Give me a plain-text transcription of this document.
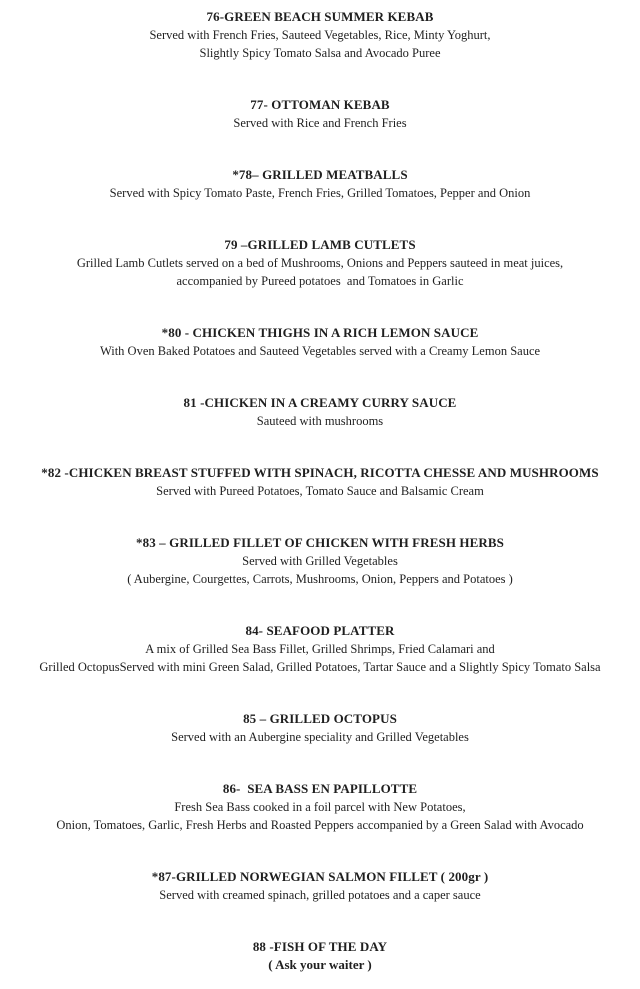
76-GREEN BEACH SUMMER KEBAB
Served with French Fries, Sauteed Vegetables, Rice, Minty Yoghurt,
Slightly Spicy Tomato Salsa and Avocado Puree
77- OTTOMAN KEBAB
Served with Rice and French Fries
*78– GRILLED MEATBALLS
Served with Spicy Tomato Paste, French Fries, Grilled Tomatoes, Pepper and Onion
79 –GRILLED LAMB CUTLETS
Grilled Lamb Cutlets served on a bed of Mushrooms, Onions and Peppers sauteed in meat juices,
accompanied by Pureed potatoes  and Tomatoes in Garlic
*80 - CHICKEN THIGHS IN A RICH LEMON SAUCE
With Oven Baked Potatoes and Sauteed Vegetables served with a Creamy Lemon Sauce
81 -CHICKEN IN A CREAMY CURRY SAUCE
Sauteed with mushrooms
*82 -CHICKEN BREAST STUFFED WITH SPINACH, RICOTTA CHESSE AND MUSHROOMS
Served with Pureed Potatoes, Tomato Sauce and Balsamic Cream
*83 – GRILLED FILLET OF CHICKEN WITH FRESH HERBS
Served with Grilled Vegetables
( Aubergine, Courgettes, Carrots, Mushrooms, Onion, Peppers and Potatoes )
84- SEAFOOD PLATTER
A mix of Grilled Sea Bass Fillet, Grilled Shrimps, Fried Calamari and
Grilled OctopusServed with mini Green Salad, Grilled Potatoes, Tartar Sauce and a Slightly Spicy Tomato Salsa
85 – GRILLED OCTOPUS
Served with an Aubergine speciality and Grilled Vegetables
86-  SEA BASS EN PAPILLOTTE
Fresh Sea Bass cooked in a foil parcel with New Potatoes,
Onion, Tomatoes, Garlic, Fresh Herbs and Roasted Peppers accompanied by a Green Salad with Avocado
*87-GRILLED NORWEGIAN SALMON FILLET ( 200gr )
Served with creamed spinach, grilled potatoes and a caper sauce
88 -FISH OF THE DAY
( Ask your waiter )
